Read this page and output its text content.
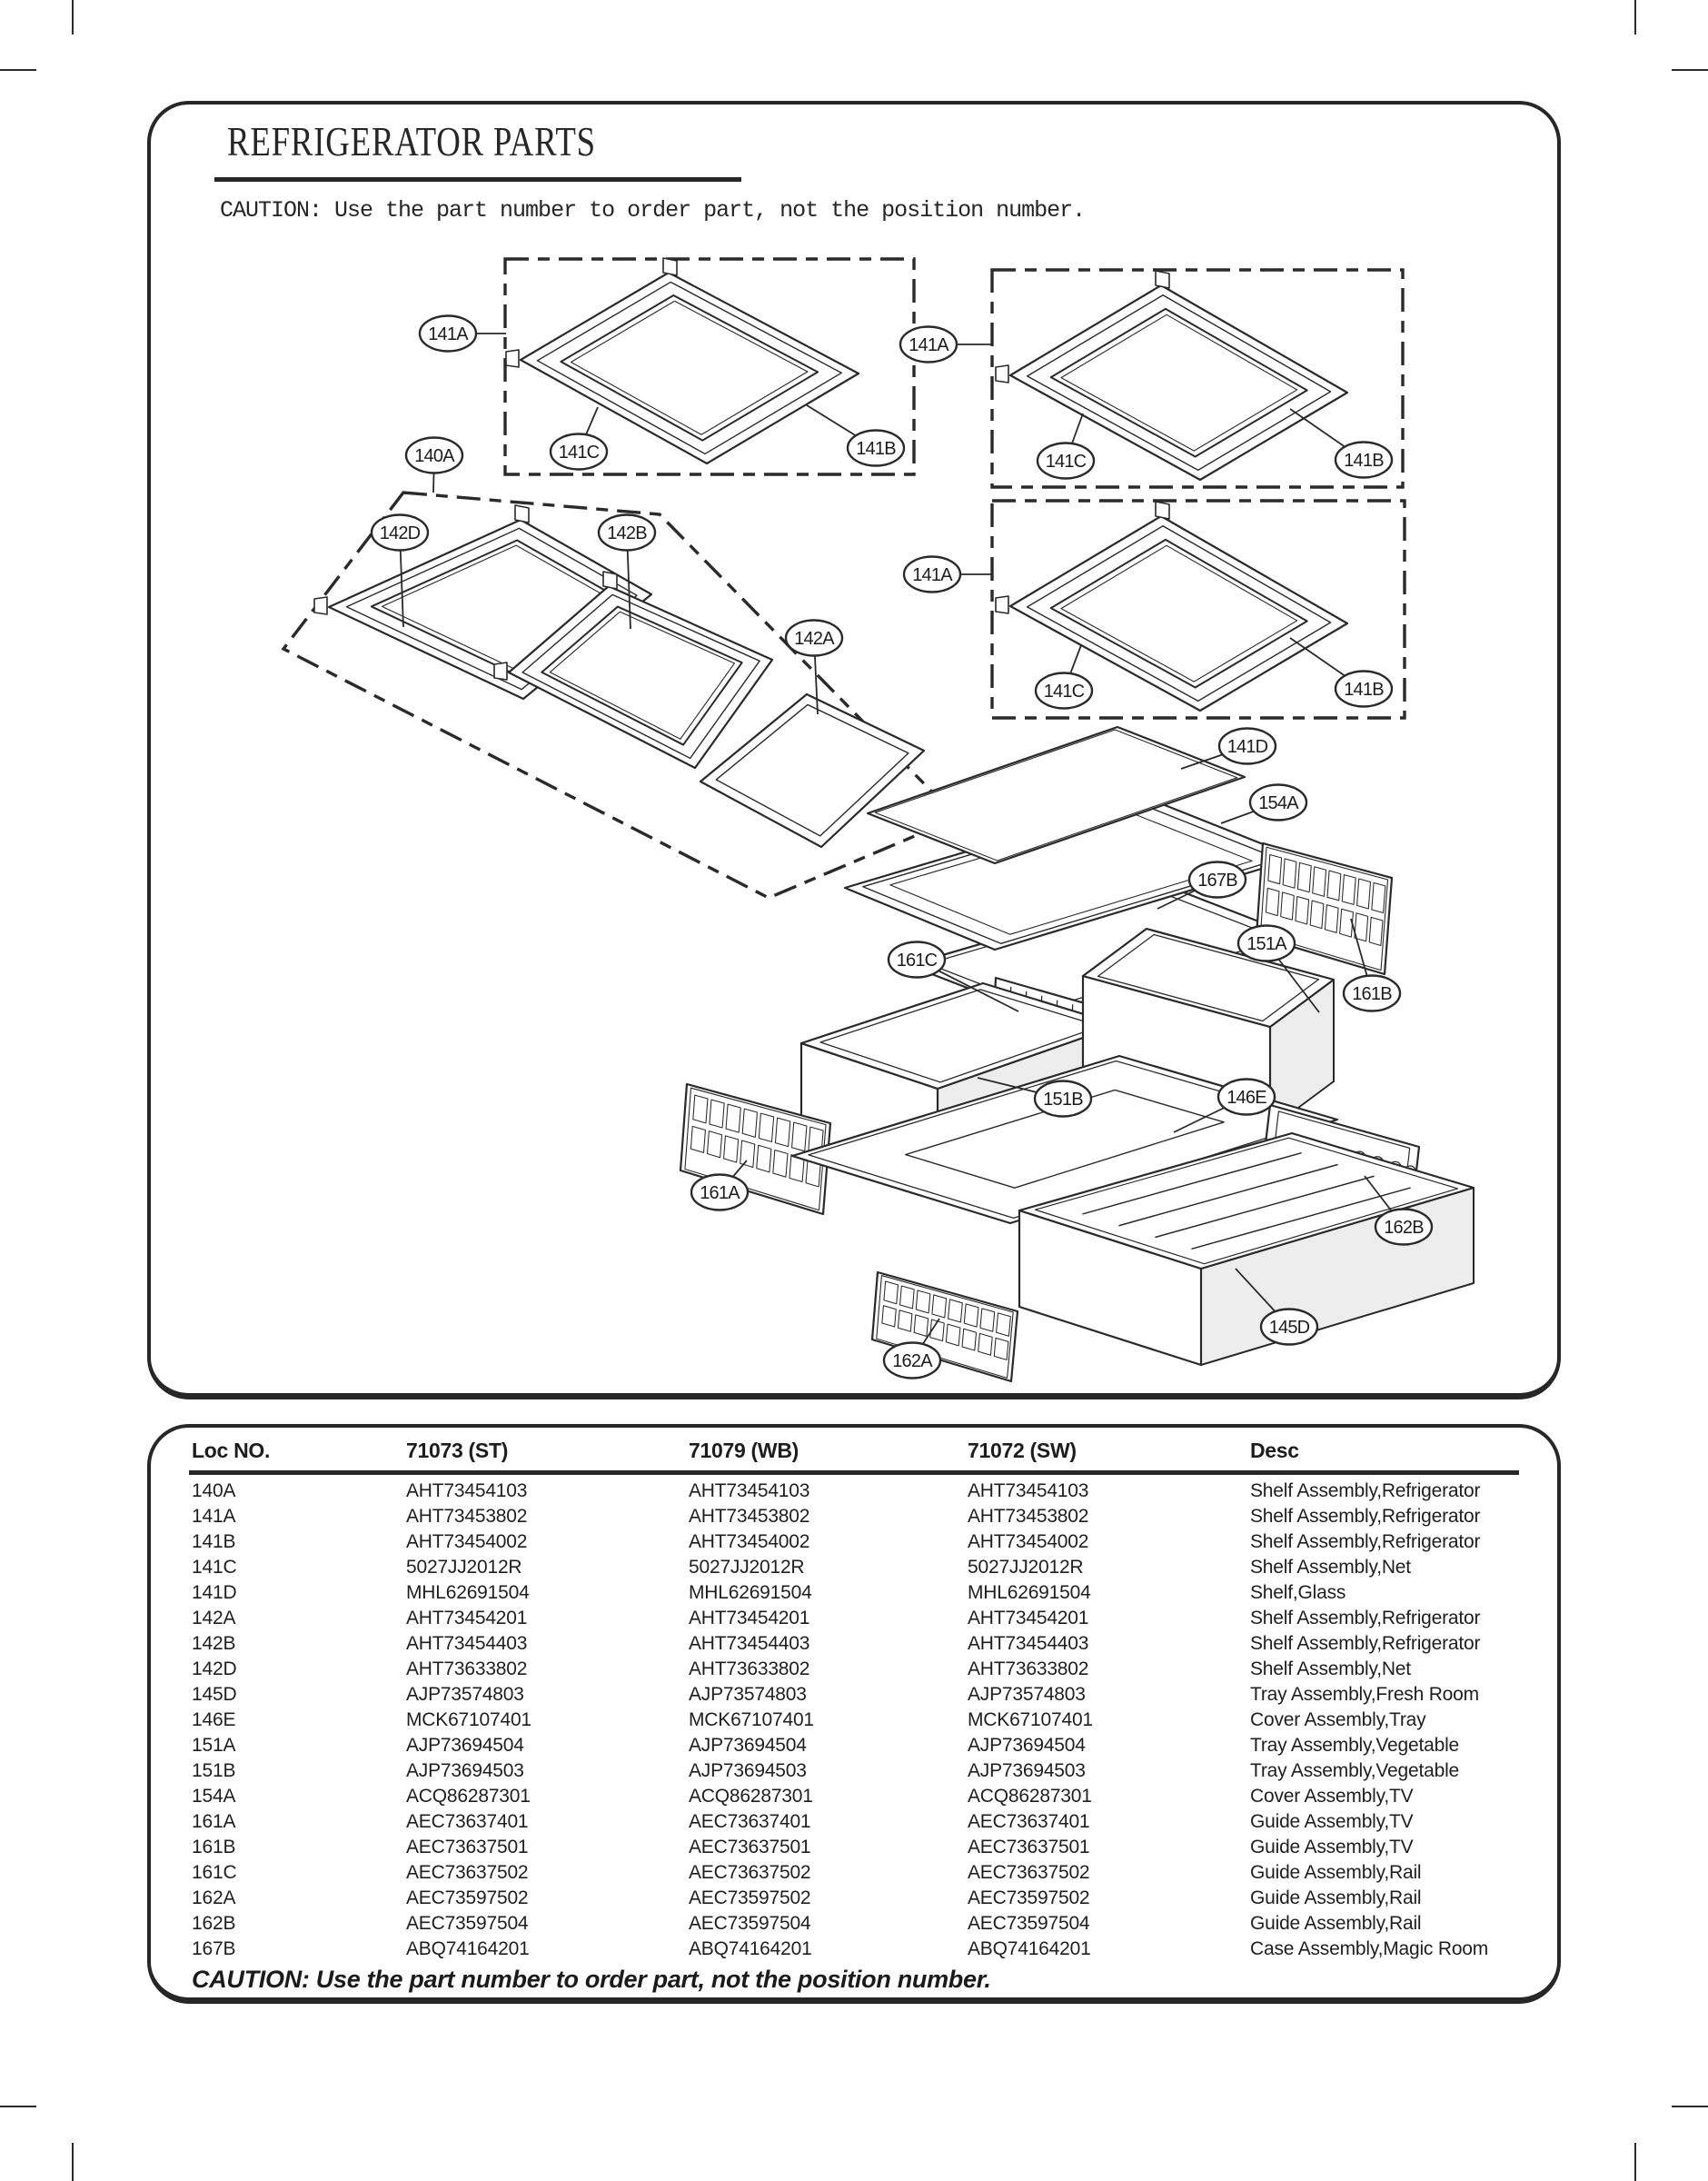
REFRIGERATOR PARTS

CAUTION: Use the part number to order part, not the position number.

141A
140A	141C	141B
141A
141C	141B
142D	142B
141A
142A
141C	141B
141D
154A
167B
151A
161C
161B
151B	146E
161A
162B
145D
162A
Loc NO.	71073 (ST)	71079 (WB)	71072 (SW)	Desc
140A	AHT73454103	AHT73454103	AHT73454103	Shelf Assembly,Refrigerator
141A	AHT73453802	AHT73453802	AHT73453802	Shelf Assembly,Refrigerator
141B	AHT73454002	AHT73454002	AHT73454002	Shelf Assembly,Refrigerator
141C	5027JJ2012R	5027JJ2012R	5027JJ2012R	Shelf Assembly,Net
141D	MHL62691504	MHL62691504	MHL62691504	Shelf,Glass
142A	AHT73454201	AHT73454201	AHT73454201	Shelf Assembly,Refrigerator
142B	AHT73454403	AHT73454403	AHT73454403	Shelf Assembly,Refrigerator
142D	AHT73633802	AHT73633802	AHT73633802	Shelf Assembly,Net
145D	AJP73574803	AJP73574803	AJP73574803	Tray Assembly,Fresh Room
146E	MCK67107401	MCK67107401	MCK67107401	Cover Assembly,Tray
151A	AJP73694504	AJP73694504	AJP73694504	Tray Assembly,Vegetable
151B	AJP73694503	AJP73694503	AJP73694503	Tray Assembly,Vegetable
154A	ACQ86287301	ACQ86287301	ACQ86287301	Cover Assembly,TV
161A	AEC73637401	AEC73637401	AEC73637401	Guide Assembly,TV
161B	AEC73637501	AEC73637501	AEC73637501	Guide Assembly,TV
161C	AEC73637502	AEC73637502	AEC73637502	Guide Assembly,Rail
162A	AEC73597502	AEC73597502	AEC73597502	Guide Assembly,Rail
162B	AEC73597504	AEC73597504	AEC73597504	Guide Assembly,Rail
167B	ABQ74164201	ABQ74164201	ABQ74164201	Case Assembly,Magic Room

CAUTION: Use the part number to order part, not the position number.
